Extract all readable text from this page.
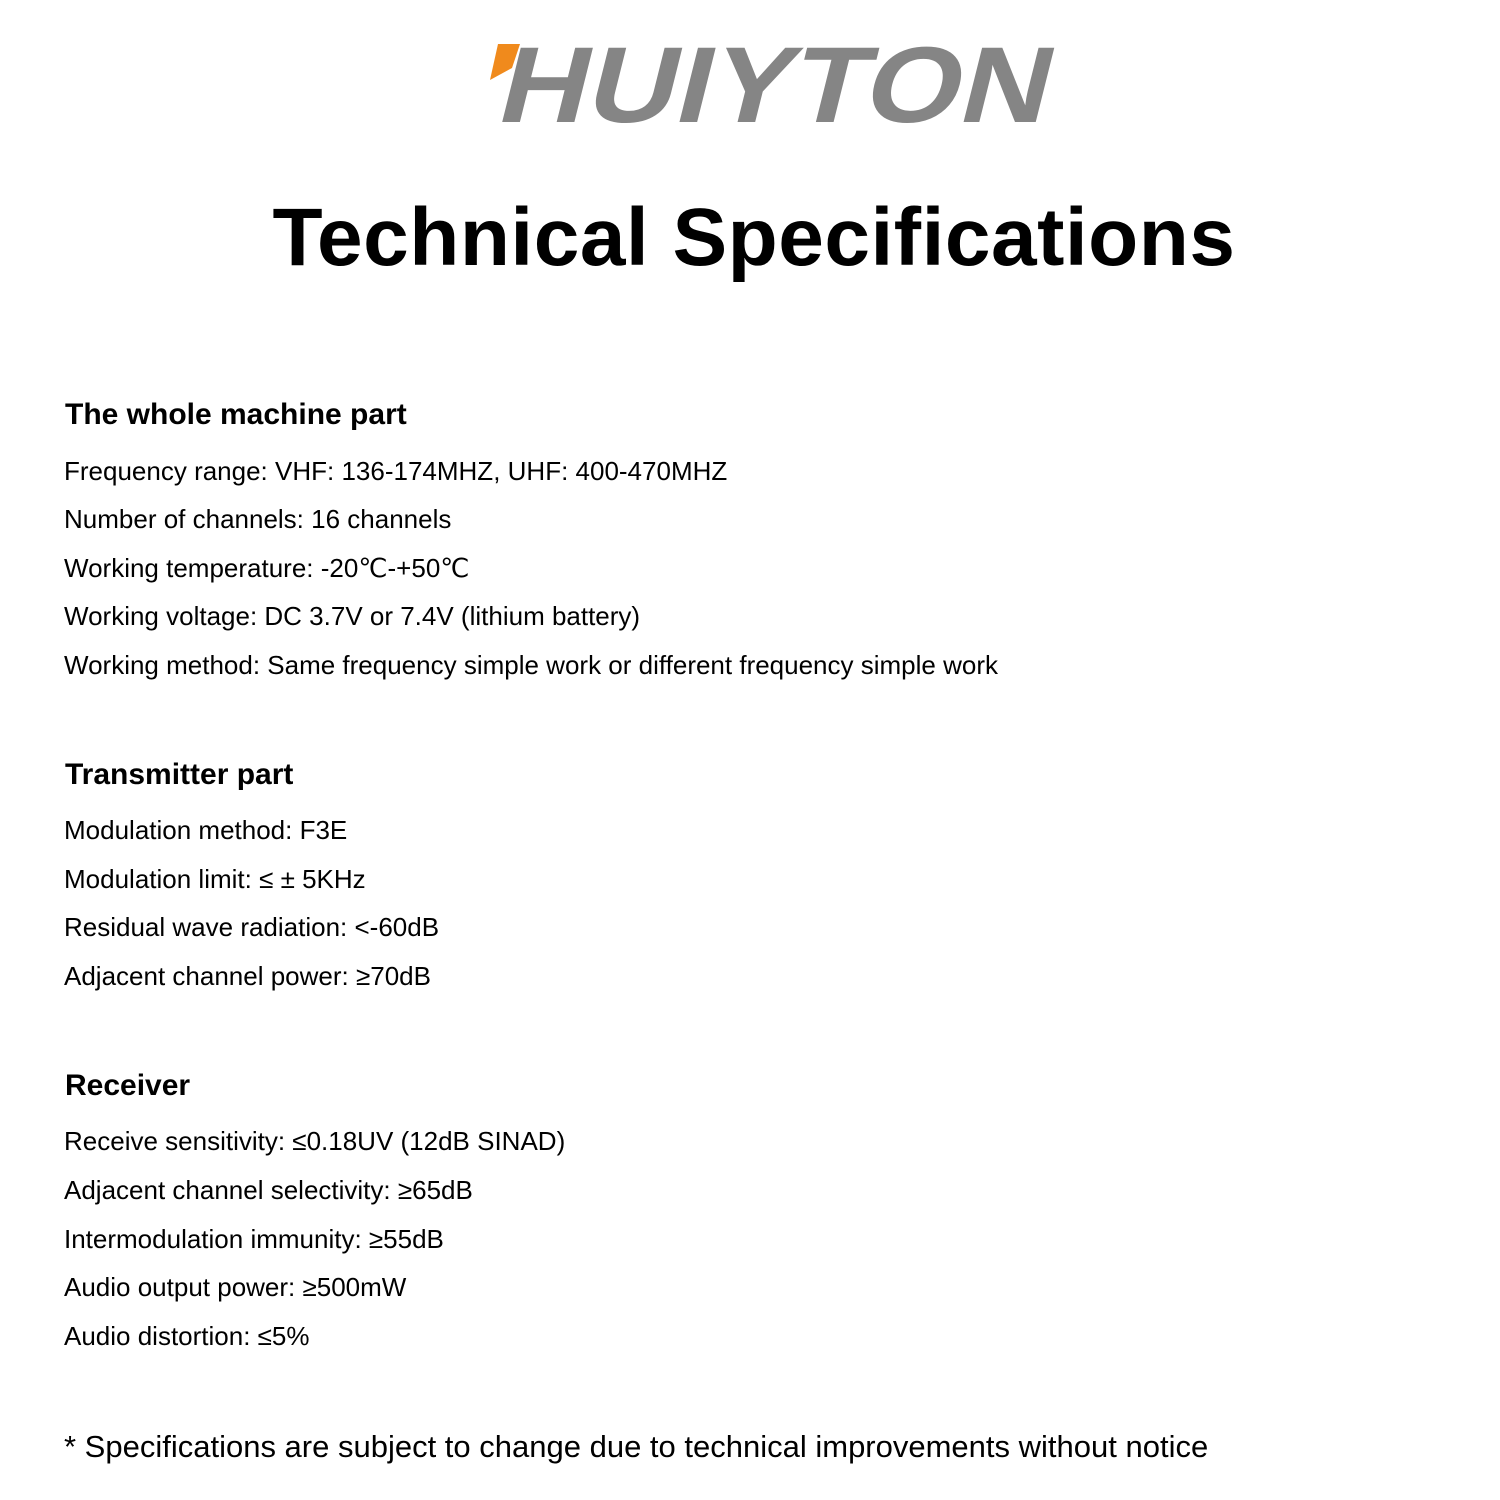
HUIYTON
Technical Specifications
The whole machine part
Frequency range: VHF: 136-174MHZ, UHF: 400-470MHZ
Number of channels: 16 channels
Working temperature: -20℃-+50℃
Working voltage: DC 3.7V or 7.4V (lithium battery)
Working method: Same frequency simple work or different frequency simple work
Transmitter part
Modulation method: F3E
Modulation limit: ≤ ± 5KHz
Residual wave radiation: <-60dB
Adjacent channel power: ≥70dB
Receiver
Receive sensitivity: ≤0.18UV (12dB SINAD)
Adjacent channel selectivity: ≥65dB
Intermodulation immunity: ≥55dB
Audio output power: ≥500mW
Audio distortion: ≤5%
* Specifications are subject to change due to technical improvements without notice
